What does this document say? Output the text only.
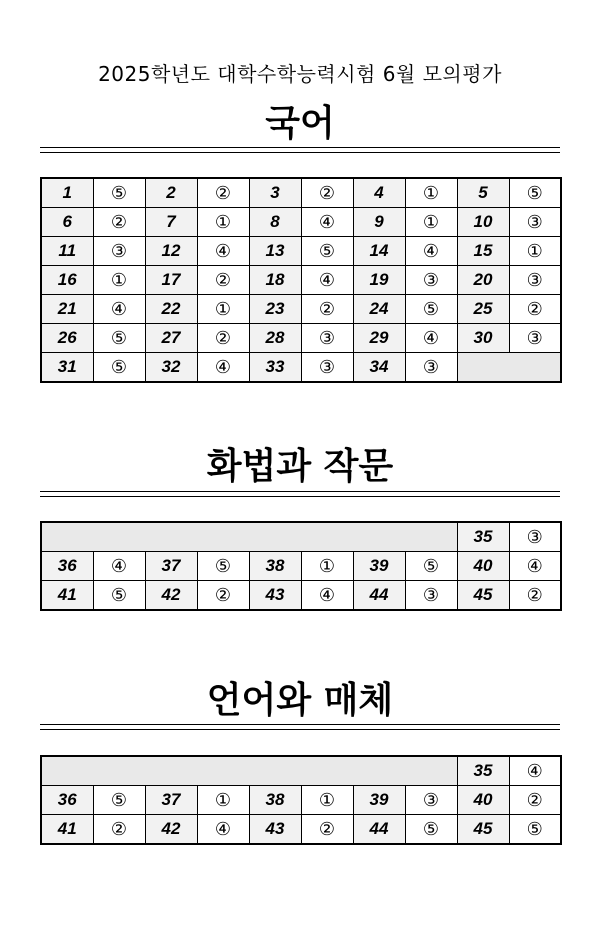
2025학년도 대학수학능력시험 6월 모의평가
국어
1	⑤	2	②	3	②	4	①	5	⑤
6	②	7	①	8	④	9	①	10	③
11	③	12	④	13	⑤	14	④	15	①
16	①	17	②	18	④	19	③	20	③
21	④	22	①	23	②	24	⑤	25	②
26	⑤	27	②	28	③	29	④	30	③
31	⑤	32	④	33	③	34	③		
화법과 작문
								35	③
36	④	37	⑤	38	①	39	⑤	40	④
41	⑤	42	②	43	④	44	③	45	②
언어와 매체
								35	④
36	⑤	37	①	38	①	39	③	40	②
41	②	42	④	43	②	44	⑤	45	⑤
